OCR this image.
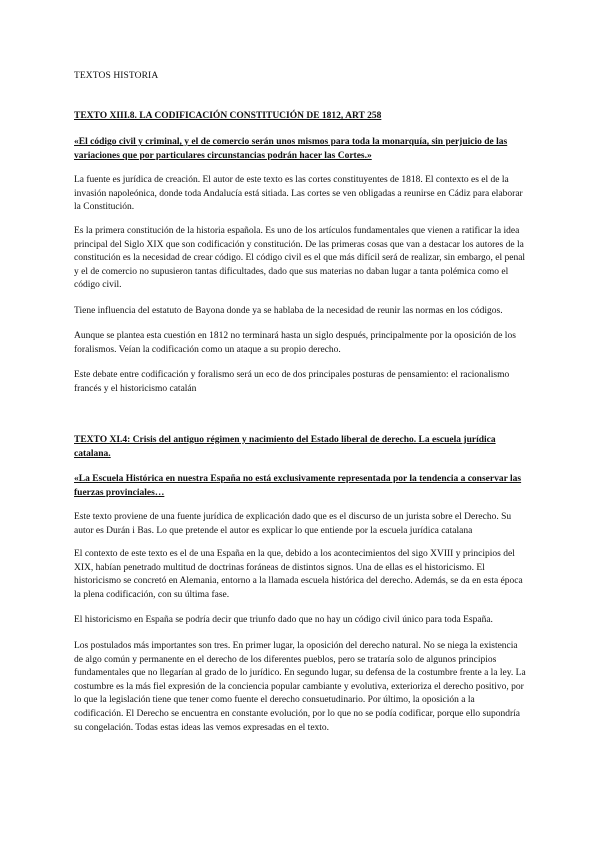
TEXTOS HISTORIA
TEXTO XIII.8. LA CODIFICACIÓN CONSTITUCIÓN DE 1812, ART 258
«El código civil y criminal, y el de comercio serán unos mismos para toda la monarquía, sin perjuicio de las variaciones que por particulares circunstancias podrán hacer las Cortes.»

La fuente es jurídica de creación. El autor de este texto es las cortes constituyentes de 1818. El contexto es el de la invasión napoleónica, donde toda Andalucía está sitiada. Las cortes se ven obligadas a reunirse en Cádiz para elaborar la Constitución.

Es la primera constitución de la historia española. Es uno de los artículos fundamentales que vienen a ratificar la idea principal del Siglo XIX que son codificación y constitución. De las primeras cosas que van a destacar los autores de la constitución es la necesidad de crear código. El código civil es el que más difícil será de realizar, sin embargo, el penal y el de comercio no supusieron tantas dificultades, dado que sus materias no daban lugar a tanta polémica como el código civil.

Tiene influencia del estatuto de Bayona donde ya se hablaba de la necesidad de reunir las normas en los códigos.

Aunque se plantea esta cuestión en 1812 no terminará hasta un siglo después, principalmente por la oposición de los foralismos. Veían la codificación como un ataque a su propio derecho.

Este debate entre codificación y foralismo será un eco de dos principales posturas de pensamiento: el racionalismo francés y el historicismo catalán

TEXTO XI.4: Crisis del antiguo régimen y nacimiento del Estado liberal de derecho. La escuela jurídica catalana.
«La Escuela Histórica en nuestra España no está exclusivamente representada por la tendencia a conservar las fuerzas provinciales…

Este texto proviene de una fuente jurídica de explicación dado que es el discurso de un jurista sobre el Derecho. Su autor es Durán i Bas. Lo que pretende el autor es explicar lo que entiende por la escuela jurídica catalana

El contexto de este texto es el de una España en la que, debido a los acontecimientos del sigo XVIII y principios del XIX, habían penetrado multitud de doctrinas foráneas de distintos signos. Una de ellas es el historicismo. El historicismo se concretó en Alemania, entorno a la llamada escuela histórica del derecho. Además, se da en esta época la plena codificación, con su última fase.

El historicismo en España se podría decir que triunfo dado que no hay un código civil único para toda España.

Los postulados más importantes son tres. En primer lugar, la oposición del derecho natural. No se niega la existencia de algo común y permanente en el derecho de los diferentes pueblos, pero se trataría solo de algunos principios fundamentales que no llegarían al grado de lo jurídico. En segundo lugar, su defensa de la costumbre frente a la ley. La costumbre es la más fiel expresión de la conciencia popular cambiante y evolutiva, exterioriza el derecho positivo, por lo que la legislación tiene que tener como fuente el derecho consuetudinario. Por último, la oposición a la codificación. El Derecho se encuentra en constante evolución, por lo que no se podía codificar, porque ello supondría su congelación. Todas estas ideas las vemos expresadas en el texto.
